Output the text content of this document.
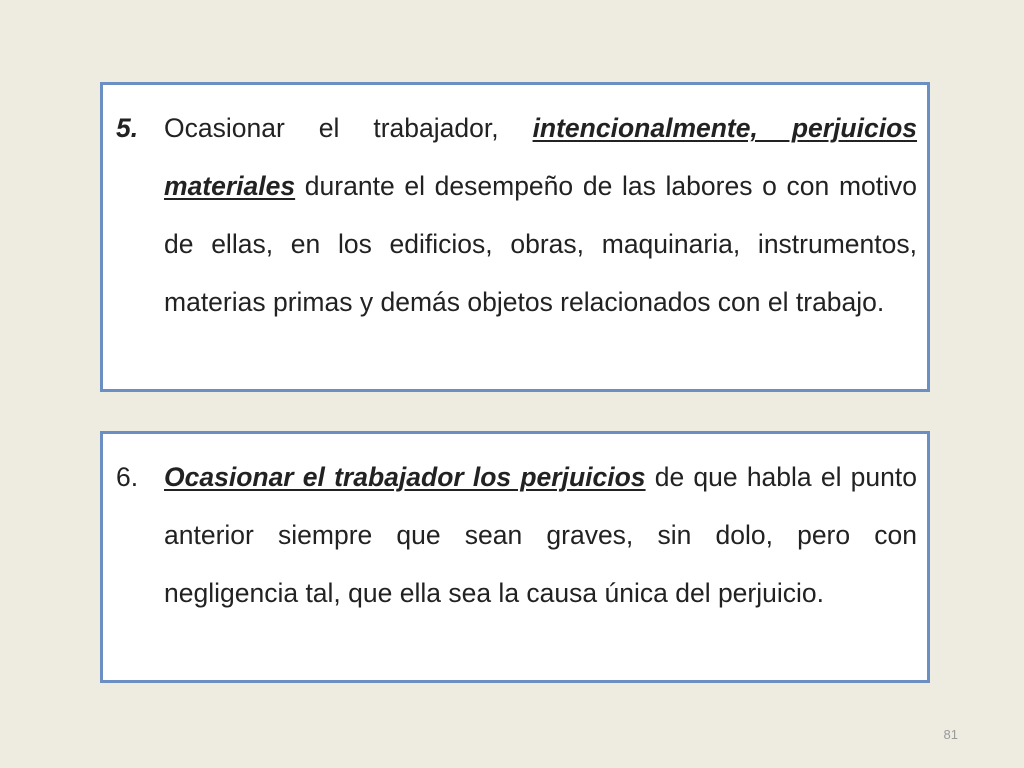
5. Ocasionar el trabajador, intencionalmente, perjuicios materiales durante el desempeño de las labores o con motivo de ellas, en los edificios, obras, maquinaria, instrumentos, materias primas y demás objetos relacionados con el trabajo.
6. Ocasionar el trabajador los perjuicios de que habla el punto anterior siempre que sean graves, sin dolo, pero con negligencia tal, que ella sea la causa única del perjuicio.
81
